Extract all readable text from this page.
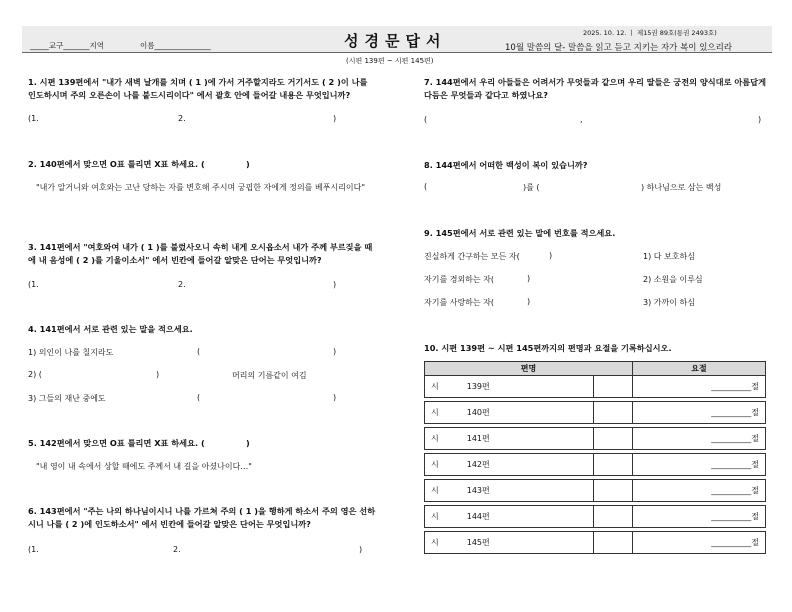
_____교구_______지역	이름_______________	성경문답서	2025. 10. 12. ㅣ 제15권 89호(통권 2493호)
10월 말씀의 달- 말씀을 읽고 듣고 지키는 자가 복이 있으리라
(시편 139편 ~ 시편 145편)
1. 시편 139편에서 "내가 새벽 날개를 치며 ( 1 )에 가서 거주할지라도 거기서도 ( 2 )이 나를 인도하시며 주의 오른손이 나를 붙드시리이다" 에서 괄호 안에 들어갈 내용은 무엇입니까?
(1.	2.	)
2. 140편에서 맞으면 O표 틀리면 X표 하세요. (	)
"내가 알거니와 여호와는 고난 당하는 자를 변호해 주시며 궁핍한 자에게 정의를 베푸시리이다"
3. 141편에서 "여호와여 내가 ( 1 )를 불렀사오니 속히 내게 오시옵소서 내가 주께 부르짖을 때에 내 음성에 ( 2 )를 기울이소서" 에서 빈칸에 들어갈 알맞은 단어는 무엇입니까?
(1.	2.	)
4. 141편에서 서로 관련 있는 말을 적으세요.
1) 의인이 나를 칠지라도	(	)
2) (	)	머리의 기름같이 여김
3) 그들의 재난 중에도	(	)
5. 142편에서 맞으면 O표 틀리면 X표 하세요. (	)
"내 영이 내 속에서 상할 때에도 주께서 내 길을 아셨나이다…"
6. 143편에서 "주는 나의 하나님이시니 나를 가르쳐 주의 ( 1 )을 행하게 하소서 주의 영은 선하시니 나를 ( 2 )에 인도하소서" 에서 빈칸에 들어갈 알맞은 단어는 무엇입니까?
(1.	2.	)
7. 144편에서 우리 아들들은 어려서가 무엇들과 같으며 우리 딸들은 궁전의 양식대로 아름답게 다듬은 무엇들과 같다고 하였나요?
(	,	)
8. 144편에서 어떠한 백성이 복이 있습니까?
(	)를 (	) 하나님으로 삼는 백성
9. 145편에서 서로 관련 있는 말에 번호를 적으세요.
진실하게 간구하는 모든 자(	)	1) 다 보호하심
자기를 경외하는 자(	)	2) 소원을 이루심
자기를 사랑하는 자(	)	3) 가까이 하심
10. 시편 139편 ~ 시편 145편까지의 편명과 요절을 기록하십시오.
편명		요절
시 139편		__________절

시 140편		__________절

시 141편		__________절

시 142편		__________절

시 143편		__________절

시 144편		__________절

시 145편		__________절
